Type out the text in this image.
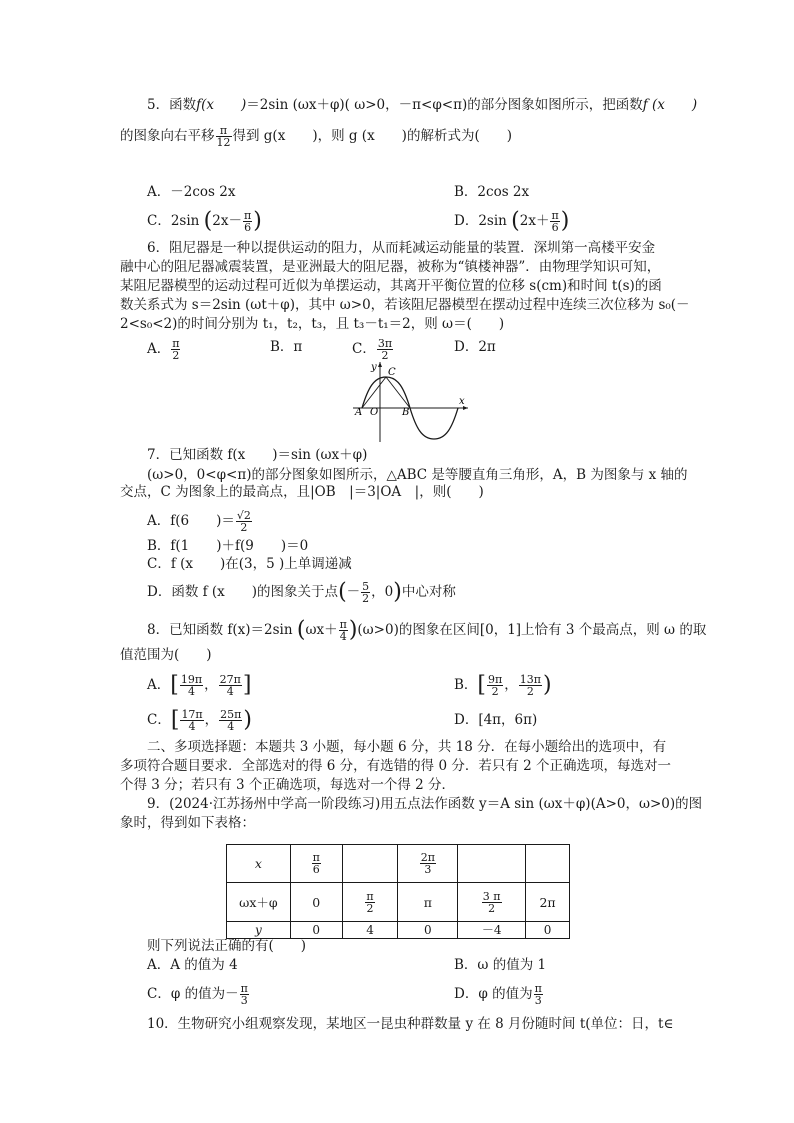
5．函数f(x　　)＝2sin (ωx＋φ)( ω>0，－π<φ<π)的部分图象如图所示，把函数f (x　　)
的图象向右平移 $\frac{\pi}{12}$ 得到 g(x　　)，则 g (x　　)的解析式为(　　)
A．－2cos 2x	B．2cos 2x
C．2sin ($2x- \frac{\pi}{6}$ )	D．2sin ($2x+ \frac{\pi}{6}$ )
6．阻尼器是一种以提供运动的阻力，从而耗减运动能量的装置．深圳第一高楼平安金
融中心的阻尼器减震装置，是亚洲最大的阻尼器，被称为“镇楼神器”．由物理学知识可知，
某阻尼器模型的运动过程可近似为单摆运动，其离开平衡位置的位移 s(cm)和时间 t(s)的函
数关系式为 s＝2sin (ωt＋φ)，其中 ω>0，若该阻尼器模型在摆动过程中连续三次位移为 s₀(－
2<s₀<2)的时间分别为 t₁，t₂，t₃，且 t₃－t₁＝2，则 ω＝(　　)
A． $\frac{\pi}{2}$	B．π	C． $\frac{3\pi}{2}$	D．2π
y
x
C
A O B
7．已知函数 f(x　　)＝sin (ωx＋φ)
(ω>0，0<φ<π)的部分图象如图所示，△ABC 是等腰直角三角形，A，B 为图象与 x 轴的
交点，C 为图象上的最高点，且|OB　|＝3|OA　|，则(　　)
A．f(6　　)＝ $\frac{√2}{2}$
B．f(1　　)＋f(9　　)＝0
C．f (x　　)在(3，5 )上单调递减
D．函数 f (x　　)的图象关于点(－ $\frac{5}{2}$ ，0)中心对称
8．已知函数 f(x)＝2sin $(\omega x+ \frac{\pi}{4} )(\omega>0)$的图象在区间[0，1]上恰有 3 个最高点，则 ω 的取
值范围为(　　)
A．[ $\frac{19\pi}{4}$ ， $\frac{27\pi}{4}$ ]	B．[ $\frac{9\pi}{2}$ ， $\frac{13\pi}{2}$ )
C．[ $\frac{17\pi}{4}$ ， $\frac{25\pi}{4}$ )	D．[4π，6π)
二、多项选择题：本题共 3 小题，每小题 6 分，共 18 分．在每小题给出的选项中，有
多项符合题目要求．全部选对的得 6 分，有选错的得 0 分．若只有 2 个正确选项，每选对一
个得 3 分；若只有 3 个正确选项，每选对一个得 2 分．
9．(2024·江苏扬州中学高一阶段练习)用五点法作函数 y＝A sin (ωx＋φ)(A>0，ω>0)的图
象时，得到如下表格：
x	$\frac{\pi}{6}$		$\frac{2\pi}{3}$

ωx＋φ	0	$\frac{\pi}{2}$	π	$\frac{3 \pi}{2}$	2π
y	0	4	0	－4	0
则下列说法正确的有(　　)
A．A 的值为 4	B．ω 的值为 1
C．φ 的值为－ $\frac{\pi}{3}$	D．φ 的值为 $\frac{\pi}{3}$
10．生物研究小组观察发现，某地区一昆虫种群数量 y 在 8 月份随时间 t(单位：日，t∈
